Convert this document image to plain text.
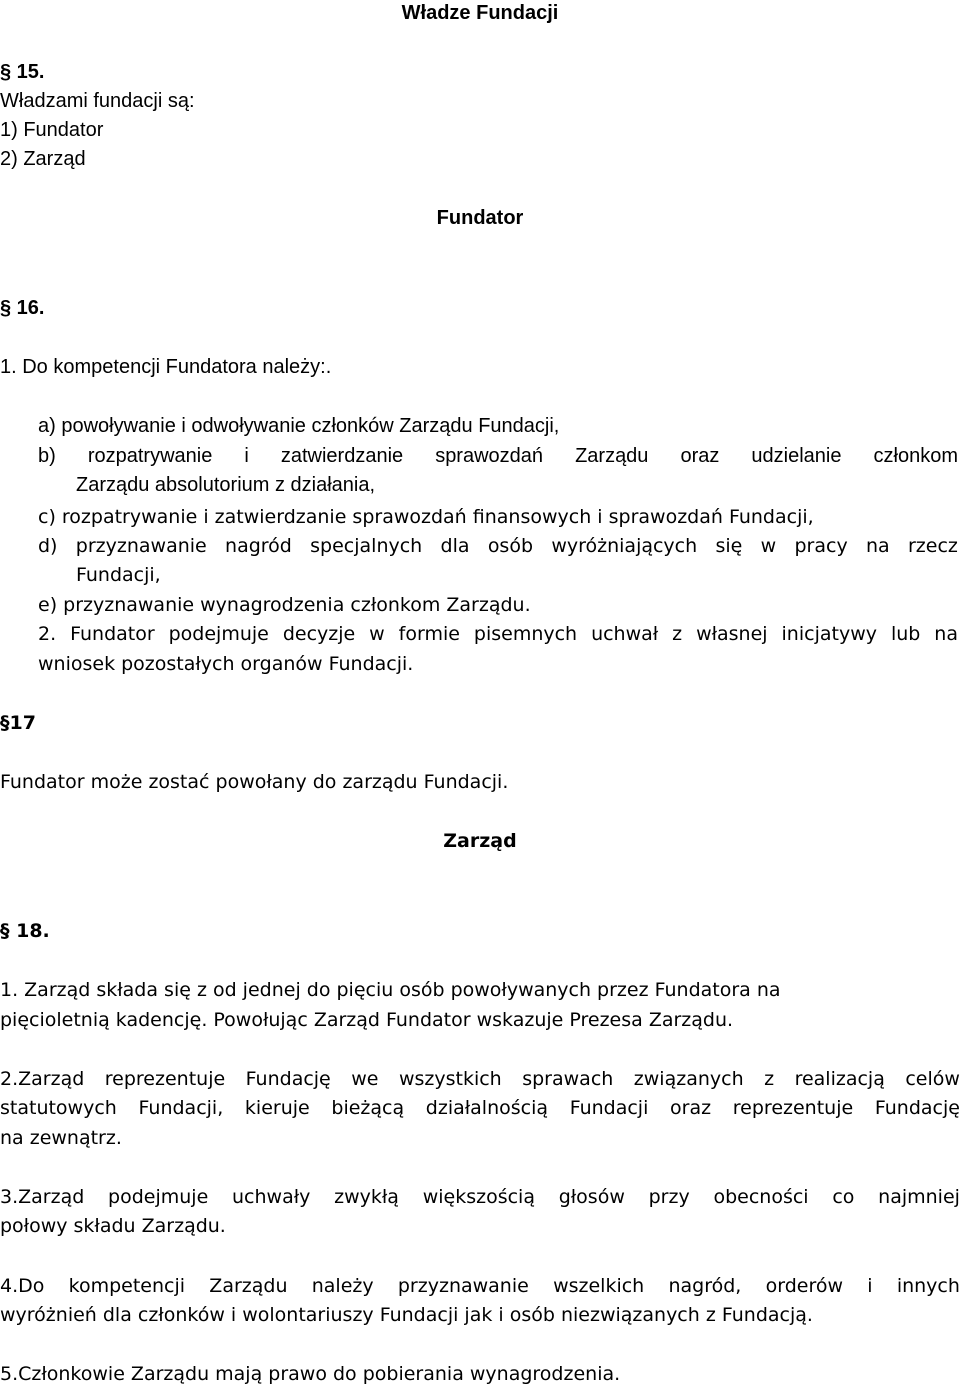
Władze Fundacji
§ 15.
Władzami fundacji są:
1) Fundator
2) Zarząd
Fundator
§ 16.
1. Do kompetencji Fundatora należy:.
a) powoływanie i odwoływanie członków Zarządu Fundacji,
b) rozpatrywanie i zatwierdzanie sprawozdań Zarządu oraz udzielanie członkom
Zarządu absolutorium z działania,
c) rozpatrywanie i zatwierdzanie sprawozdań finansowych i sprawozdań Fundacji,
d) przyznawanie nagród specjalnych dla osób wyróżniających się w pracy na rzecz
Fundacji,
e) przyznawanie wynagrodzenia członkom Zarządu.
2. Fundator podejmuje decyzje w formie pisemnych uchwał z własnej inicjatywy lub na
wniosek pozostałych organów Fundacji.
§17
Fundator może zostać powołany do zarządu Fundacji.
Zarząd
§ 18.
1. Zarząd składa się z od jednej do pięciu osób powoływanych przez Fundatora na
pięcioletnią kadencję. Powołując Zarząd Fundator wskazuje Prezesa Zarządu.
2.Zarząd reprezentuje Fundację we wszystkich sprawach związanych z realizacją celów
statutowych Fundacji, kieruje bieżącą działalnością Fundacji oraz reprezentuje Fundację
na zewnątrz.
3.Zarząd podejmuje uchwały zwykłą większością głosów przy obecności co najmniej
połowy składu Zarządu.
4.Do kompetencji Zarządu należy przyznawanie wszelkich nagród, orderów i innych
wyróżnień dla członków i wolontariuszy Fundacji jak i osób niezwiązanych z Fundacją.
5.Członkowie Zarządu mają prawo do pobierania wynagrodzenia.
